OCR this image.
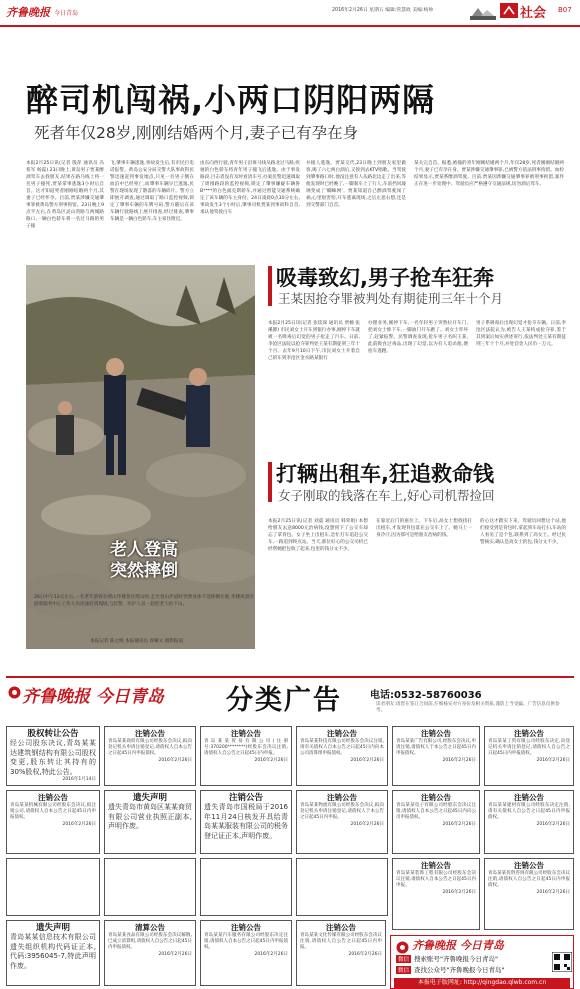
齐鲁晚报 今日青岛	2016年2月26日 星期五 编辑:管慧政 美编:杨帅	社会 B07
醉司机闯祸,小两口阴阳两隔
死者年仅28岁,刚刚结婚两个月,妻子已有孕在身
本报2月25日讯(记者 殷萍 通讯员 冯希军 杨磊) 23日晚上,黄岛男子贾某醉酒驾车去找朋友,结果在路马线上将一名男子撞死,贾某拿事逃逸3小时后自首。这才知道死者刚刚结婚两个月,其妻子已经怀孕。目前,贾某涉嫌交通肇事罪被黄岛警方刑事拘留。23日晚上9点半左右,在黄岛区灵山湾路与两城路路口,一辆白色轿车将一名过马路的男子撞
飞,肇事车辆逃逸,事故发生后,有市民打电话报警。黄岛公安分局交警大队事故科民警迅速赶到事发地点,只见一名男子倒在血泊中已经死亡,而肇事车辆早已逃逸,民警在现场发现了散落的车辆碎片。警方立即展开调查,通过调取了路口监控视频,锁定了肇事车辆的车牌号码,警方随后在该车辆行驶路线上展开排查,经过排查,肇事车辆是一辆白色轿车,车主家住附近。
由东向西行驶,青年男子沿斑马线从路北过马路,疾驰的白色轿车将青年男子撞飞后逃逸。由于事发路段,目击者没有及时看清车号,办案民警迅速调取了周围路段的监控视频,锁定了肇事嫌疑车辆鲁B****的白色福克斯轿车,并通过智能交通系统确定了该车辆的车主身份。24日凌晨0点30分左右,事故发生3个小时后,肇事司机贾某到事故科自首,承认他驾驶白车
并撞人逃逸。贾某交代,23日晚上到朋友家里做客,喝了六七两白酒后,又接到去KTV唱歌。当驾驶到肇事路口时,他没注意有人从路北边走了出来,等他发现时已经晚了,一脚刹车上了行人,车前挡风玻璃变成了'蜘蛛网'。贾某知道自己醉酒驾驶闯了祸,心里很害怕,开车逃离现场,之后左思右想,还是到交警部门自首。
某关完自首。据悉,被撞的青年刚刚结婚两个月,年仅28岁,死者刚刚结婚两个月,妻子已有孕在身。贾某涉嫌交通肇事罪,已被警方依法刑事拘留。血检结果显示,贾某系醉酒驾驶。目前,贾某因涉嫌交通肇事罪被刑事拘留,案件正在进一步处理中。驾驶员应严格遵守交通法规,切勿酒后驾车。
老人登高
突然摔倒
26日中午12点左右,一名老年游客在崂山华楼景区爬山时,走至登山步道时突然身体不适摔倒在地,华楼风景区游客服务中心工作人员迅速赶到现场,与民警、医护人员一起把老人抬下山。
本报记者 陈之焕 本报通讯员 曾曦文 摄影报道
吸毒致幻,男子抢车狂奔
王某因抢夺罪被判处有期徒刑三年十个月
本报2月25日讯(记者 张琰琛 通讯员 贾楠 张溪滕) 市民刘女士开车到银行办事,刚停下车就被一名吸毒后幻觉的男子抢走了汽车。日前,李沧区法院以抢夺罪判处王某有期徒刑三年十个月。去年9月10日下午,市民刘女士开着自己的车到李沧区金水路某银行
办理业务,刚停下车,一名年轻男子突然拉开车门,把刘女士推下车,一脚油门开车跑了。刘女士吓坏了,赶紧报警。民警调查发现,抢车男子名叫王某,此前吸食过毒品,出现了幻觉,以为有人追杀他,便抢车逃跑。
男子系吸毒后出现幻觉才抢夺车辆。日前,李沧区法院认为,被告人王某构成抢夺罪,鉴于其到案后如实供述罪行,依法判处王某有期徒刑三年十个月,并处罚金人民币一万元。
打辆出租车,狂追救命钱
女子刚取的钱落在车上,好心司机帮捡回
本报2月25日讯(记者 刘震 通讯员 韩荣娟) 本想给朋友去送8000元治病钱,没想到下了公交车却忘了拿背包。女子坐上出租车,急忙打车追赶公交车,一路追到终点站。当天,那位好心的公交司机已经帮她把包收了起来,包里的钱分文不少。
在靠近后门的座位上。下车后,高女士想找找打出租车,才发现背包落在公交车上了。她马上一身冷汗,因为那可是给朋友治病的钱。
的心这才踏实下来。驾驶员回想这个站,他们接受到是背包时,拿起到车站打扫,车站的人看见了是个包,联系到了高女士。经过民警核实,确认是高女士的包,钱分文不少。
齐鲁晚报 今日青岛 分类广告	电话:0532-58760036
读者朋友:请您在签订合同前,仔细核实对方身份及相关资质,谨防上当受骗。广告信息仅供参考。
股权转让公告
经公司股东决议,青岛某某达建筑钢结构有限公司股权变更,股东转让其持有的30%股权,特此公告。
2016年1月14日
注销公告
青岛某某商贸有限公司经股东会决议,拟向登记机关申请注销登记,请债权人自本公告之日起45日内申报债权。
2016年2月26日
注销公告
青岛某某贸易有限公司(注册号:370200********)经股东会决议注销,请债权人自公告之日起45日内申报。
2016年2月26日
注销公告
青岛某某科技有限公司经股东会决议注销,请有关债权人自本公告之日起45日内向本公司清算组申报债权。
2016年2月26日
注销公告
青岛某某广告有限公司,经股东会决议,申请注销,请债权人于本公告之日起45日内申报债权。
2016年2月26日
注销公告
青岛某某工贸有限公司经股东决定,向登记机关申请注销登记,请债权人自公告之日起45日内申报债权。
2016年2月26日
注销公告
青岛某某机械有限公司经股东会决议,拟注销公司,请债权人自本公告之日起45日内申报债权。
2016年2月26日
遗失声明
遗失青岛市黄岛区某某商贸有限公司营业执照正副本,声明作废。
注销公告
遗失青岛市国税局于2016年11月24日核发开具给青岛某某服装有限公司的税务登记证正本,声明作废。
注销公告
青岛某某物流有限公司经股东会决议,拟向登记机关申请注销登记,请债权人于本公告之日起45日内申报。
2016年2月26日
注销公告
青岛某某电子有限公司经股东会决议注销,请债权人自本公告之日起45日内向公司申报债权。
2016年2月26日
注销公告
青岛某某建材有限公司经股东决定注销,请有关债权人自公告之日起45日内申报债权。
2016年2月26日
注销公告
青岛某某装饰工程有限公司经股东会决议注销,请债权人自本公告之日起45日内申报。
2016年2月26日
注销公告
青岛某某投资咨询有限公司经股东会决议注销,请债权人自公告之日起45日内申报债权。
2016年2月26日
遗失声明
青岛某某信息技术有限公司遗失组织机构代码证正本,代码:3956045-7,特此声明作废。
清算公告
青岛某某食品有限公司经股东会决议解散,已成立清算组,请债权人自公告之日起45日内申报债权。
2016年2月26日
注销公告
青岛某某汽车服务有限公司经股东决定注销,请债权人自本公告之日起45日内申报债权。
2016年2月26日
注销公告
青岛某某文化传媒有限公司经股东会决议注销,请债权人自公告之日起45日内申报。
2016年2月26日
齐鲁晚报 今日青岛
微信 搜索账号"齐鲁晚报今日青岛"
微信 查找公众号"齐鲁晚报今日青岛"
本报电子版网址: http://qingdao.qlwb.com.cn
